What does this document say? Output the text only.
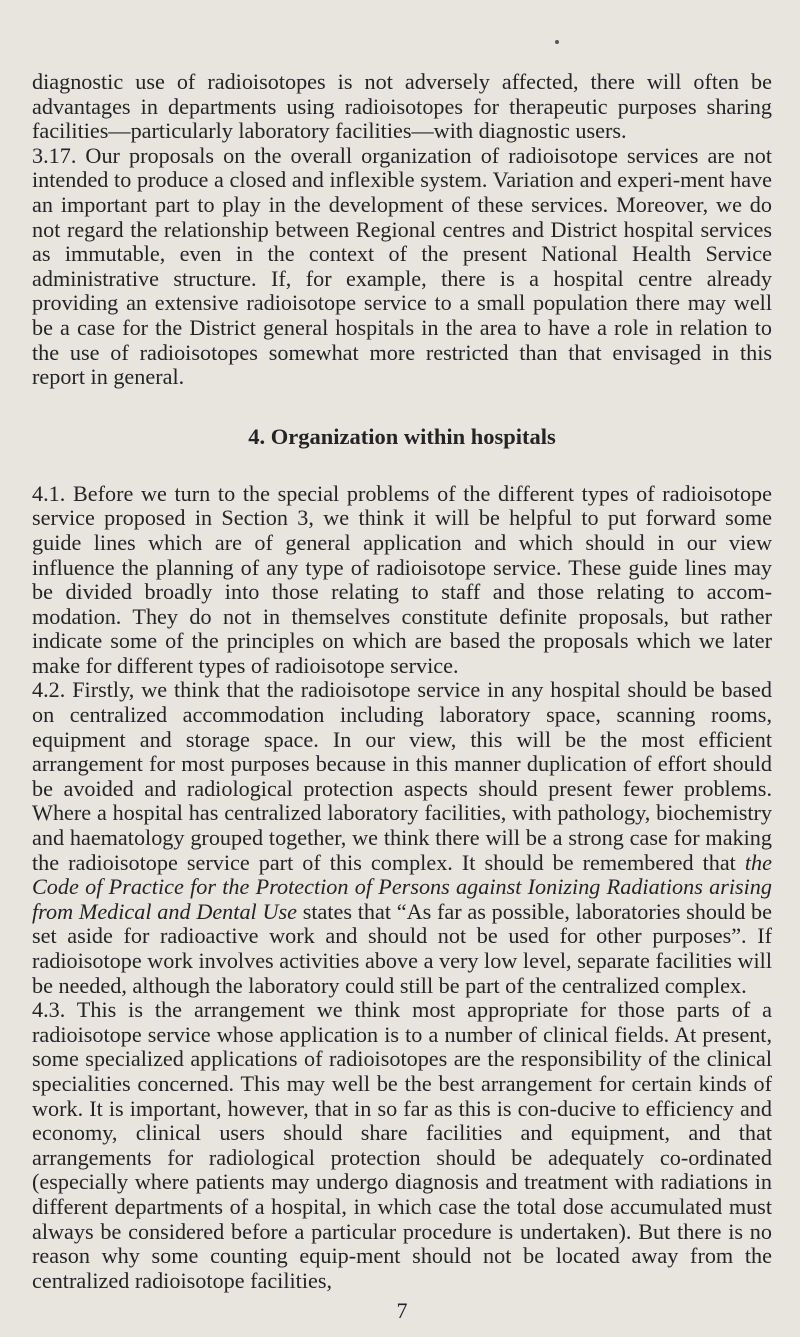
diagnostic use of radioisotopes is not adversely affected, there will often be advantages in departments using radioisotopes for therapeutic purposes sharing facilities—particularly laboratory facilities—with diagnostic users.

3.17. Our proposals on the overall organization of radioisotope services are not intended to produce a closed and inflexible system. Variation and experi-ment have an important part to play in the development of these services. Moreover, we do not regard the relationship between Regional centres and District hospital services as immutable, even in the context of the present National Health Service administrative structure. If, for example, there is a hospital centre already providing an extensive radioisotope service to a small population there may well be a case for the District general hospitals in the area to have a role in relation to the use of radioisotopes somewhat more restricted than that envisaged in this report in general.

4. Organization within hospitals

4.1. Before we turn to the special problems of the different types of radioisotope service proposed in Section 3, we think it will be helpful to put forward some guide lines which are of general application and which should in our view influence the planning of any type of radioisotope service. These guide lines may be divided broadly into those relating to staff and those relating to accom-modation. They do not in themselves constitute definite proposals, but rather indicate some of the principles on which are based the proposals which we later make for different types of radioisotope service.

4.2. Firstly, we think that the radioisotope service in any hospital should be based on centralized accommodation including laboratory space, scanning rooms, equipment and storage space. In our view, this will be the most efficient arrangement for most purposes because in this manner duplication of effort should be avoided and radiological protection aspects should present fewer problems. Where a hospital has centralized laboratory facilities, with pathology, biochemistry and haematology grouped together, we think there will be a strong case for making the radioisotope service part of this complex. It should be remembered that the Code of Practice for the Protection of Persons against Ionizing Radiations arising from Medical and Dental Use states that “As far as possible, laboratories should be set aside for radioactive work and should not be used for other purposes”. If radioisotope work involves activities above a very low level, separate facilities will be needed, although the laboratory could still be part of the centralized complex.

4.3. This is the arrangement we think most appropriate for those parts of a radioisotope service whose application is to a number of clinical fields. At present, some specialized applications of radioisotopes are the responsibility of the clinical specialities concerned. This may well be the best arrangement for certain kinds of work. It is important, however, that in so far as this is con-ducive to efficiency and economy, clinical users should share facilities and equipment, and that arrangements for radiological protection should be adequately co-ordinated (especially where patients may undergo diagnosis and treatment with radiations in different departments of a hospital, in which case the total dose accumulated must always be considered before a particular procedure is undertaken). But there is no reason why some counting equip-ment should not be located away from the centralized radioisotope facilities,

7
